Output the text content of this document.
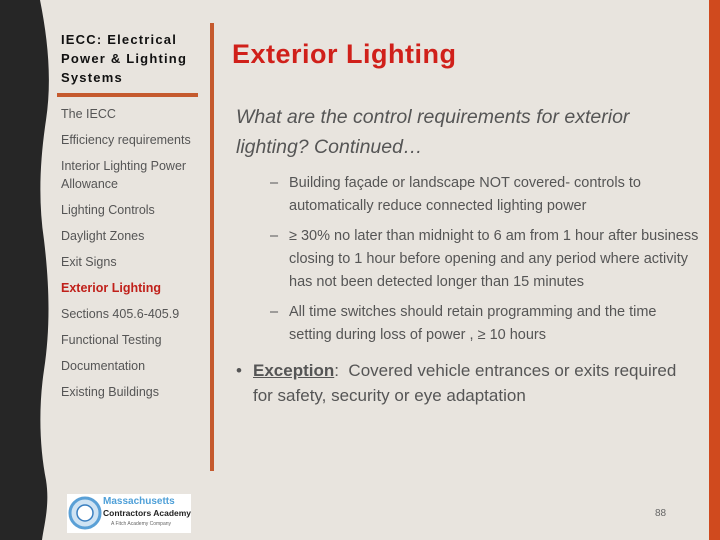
IECC: Electrical Power & Lighting Systems
The IECC
Efficiency requirements
Interior Lighting Power Allowance
Lighting Controls
Daylight Zones
Exit Signs
Exterior Lighting
Sections 405.6-405.9
Functional Testing
Documentation
Existing Buildings
Massachusetts
Contractors Academy
A Fitch Academy Company
Exterior Lighting
What are the control requirements for exterior lighting? Continued…
– Building façade or landscape NOT covered- controls to automatically reduce connected lighting power
– ≥ 30% no later than midnight to 6 am from 1 hour after business closing to 1 hour before opening and any period where activity has not been detected longer than 15 minutes
– All time switches should retain programming and the time setting during loss of power , ≥ 10 hours
• Exception:  Covered vehicle entrances or exits required for safety, security or eye adaptation
88
